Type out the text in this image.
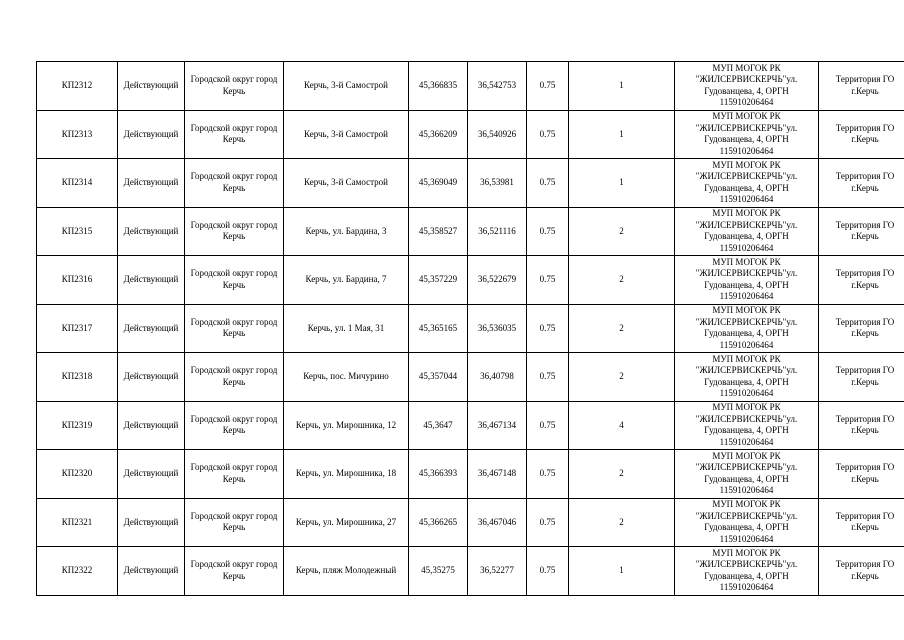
КП2312	Действующий	Городской округ город Керчь	Керчь, 3-й Самострой	45,366835	36,542753	0.75	1	МУП МОГОК РК "ЖИЛСЕРВИСКЕРЧЬ"ул. Гудованцева, 4, ОРГН 115910206464	Территория ГО г.Керчь
КП2313	Действующий	Городской округ город Керчь	Керчь, 3-й Самострой	45,366209	36,540926	0.75	1	МУП МОГОК РК "ЖИЛСЕРВИСКЕРЧЬ"ул. Гудованцева, 4, ОРГН 115910206464	Территория ГО г.Керчь
КП2314	Действующий	Городской округ город Керчь	Керчь, 3-й Самострой	45,369049	36,53981	0.75	1	МУП МОГОК РК "ЖИЛСЕРВИСКЕРЧЬ"ул. Гудованцева, 4, ОРГН 115910206464	Территория ГО г.Керчь
КП2315	Действующий	Городской округ город Керчь	Керчь, ул. Бардина, 3	45,358527	36,521116	0.75	2	МУП МОГОК РК "ЖИЛСЕРВИСКЕРЧЬ"ул. Гудованцева, 4, ОРГН 115910206464	Территория ГО г.Керчь
КП2316	Действующий	Городской округ город Керчь	Керчь, ул. Бардина, 7	45,357229	36,522679	0.75	2	МУП МОГОК РК "ЖИЛСЕРВИСКЕРЧЬ"ул. Гудованцева, 4, ОРГН 115910206464	Территория ГО г.Керчь
КП2317	Действующий	Городской округ город Керчь	Керчь, ул. 1 Мая, 31	45,365165	36,536035	0.75	2	МУП МОГОК РК "ЖИЛСЕРВИСКЕРЧЬ"ул. Гудованцева, 4, ОРГН 115910206464	Территория ГО г.Керчь
КП2318	Действующий	Городской округ город Керчь	Керчь, пос. Мичурино	45,357044	36,40798	0.75	2	МУП МОГОК РК "ЖИЛСЕРВИСКЕРЧЬ"ул. Гудованцева, 4, ОРГН 115910206464	Территория ГО г.Керчь
КП2319	Действующий	Городской округ город Керчь	Керчь, ул. Мирошника, 12	45,3647	36,467134	0.75	4	МУП МОГОК РК "ЖИЛСЕРВИСКЕРЧЬ"ул. Гудованцева, 4, ОРГН 115910206464	Территория ГО г.Керчь
КП2320	Действующий	Городской округ город Керчь	Керчь, ул. Мирошника, 18	45,366393	36,467148	0.75	2	МУП МОГОК РК "ЖИЛСЕРВИСКЕРЧЬ"ул. Гудованцева, 4, ОРГН 115910206464	Территория ГО г.Керчь
КП2321	Действующий	Городской округ город Керчь	Керчь, ул. Мирошника, 27	45,366265	36,467046	0.75	2	МУП МОГОК РК "ЖИЛСЕРВИСКЕРЧЬ"ул. Гудованцева, 4, ОРГН 115910206464	Территория ГО г.Керчь
КП2322	Действующий	Городской округ город Керчь	Керчь, пляж Молодежный	45,35275	36,52277	0.75	1	МУП МОГОК РК "ЖИЛСЕРВИСКЕРЧЬ"ул. Гудованцева, 4, ОРГН 115910206464	Территория ГО г.Керчь
